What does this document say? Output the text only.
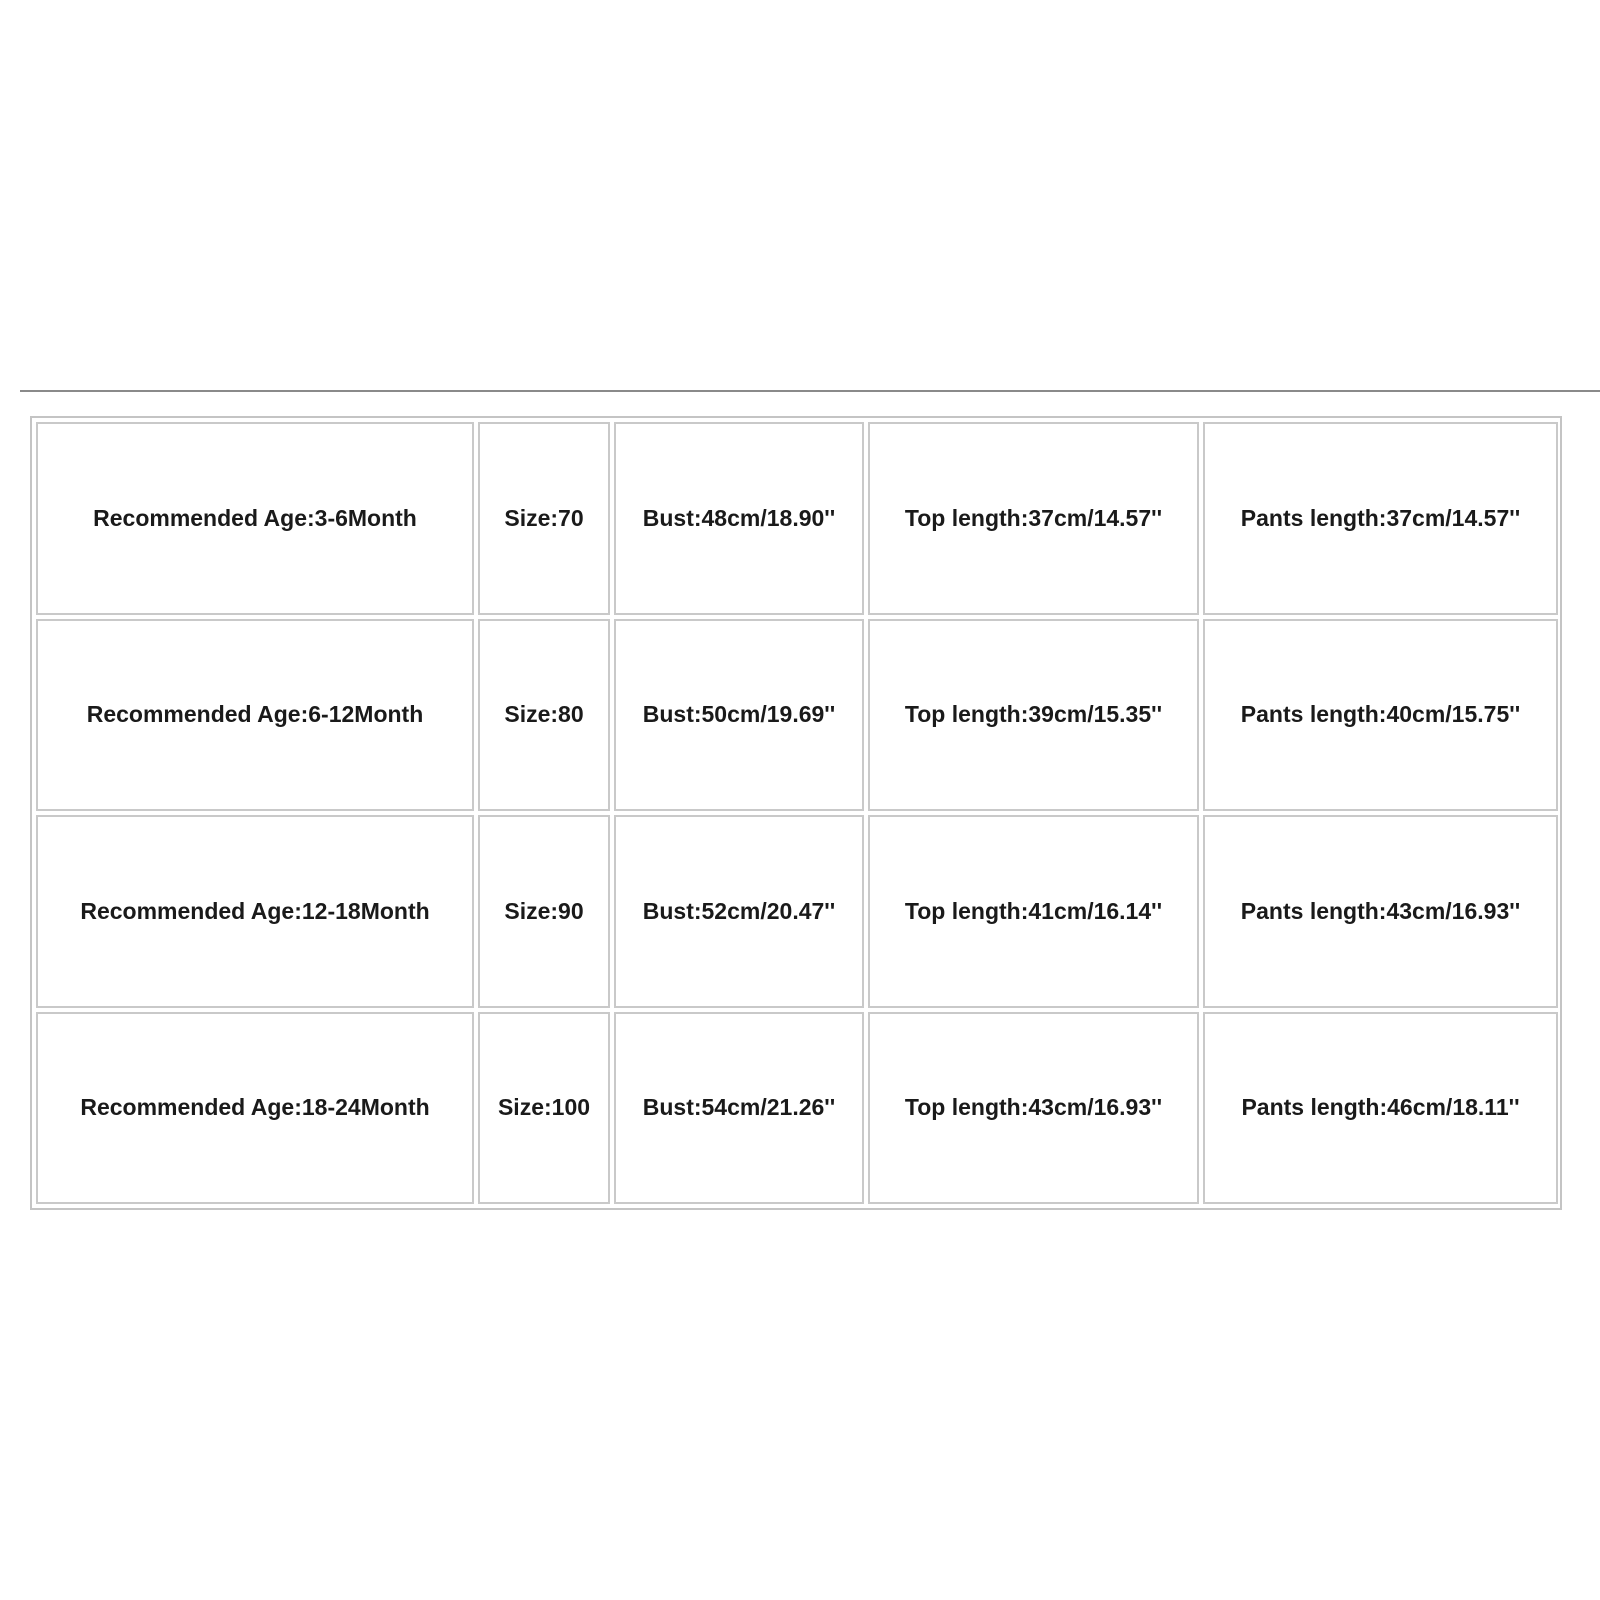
Recommended Age:3-6Month	Size:70	Bust:48cm/18.90''	Top length:37cm/14.57''	Pants length:37cm/14.57''
Recommended Age:6-12Month	Size:80	Bust:50cm/19.69''	Top length:39cm/15.35''	Pants length:40cm/15.75''
Recommended Age:12-18Month	Size:90	Bust:52cm/20.47''	Top length:41cm/16.14''	Pants length:43cm/16.93''
Recommended Age:18-24Month	Size:100	Bust:54cm/21.26''	Top length:43cm/16.93''	Pants length:46cm/18.11''
